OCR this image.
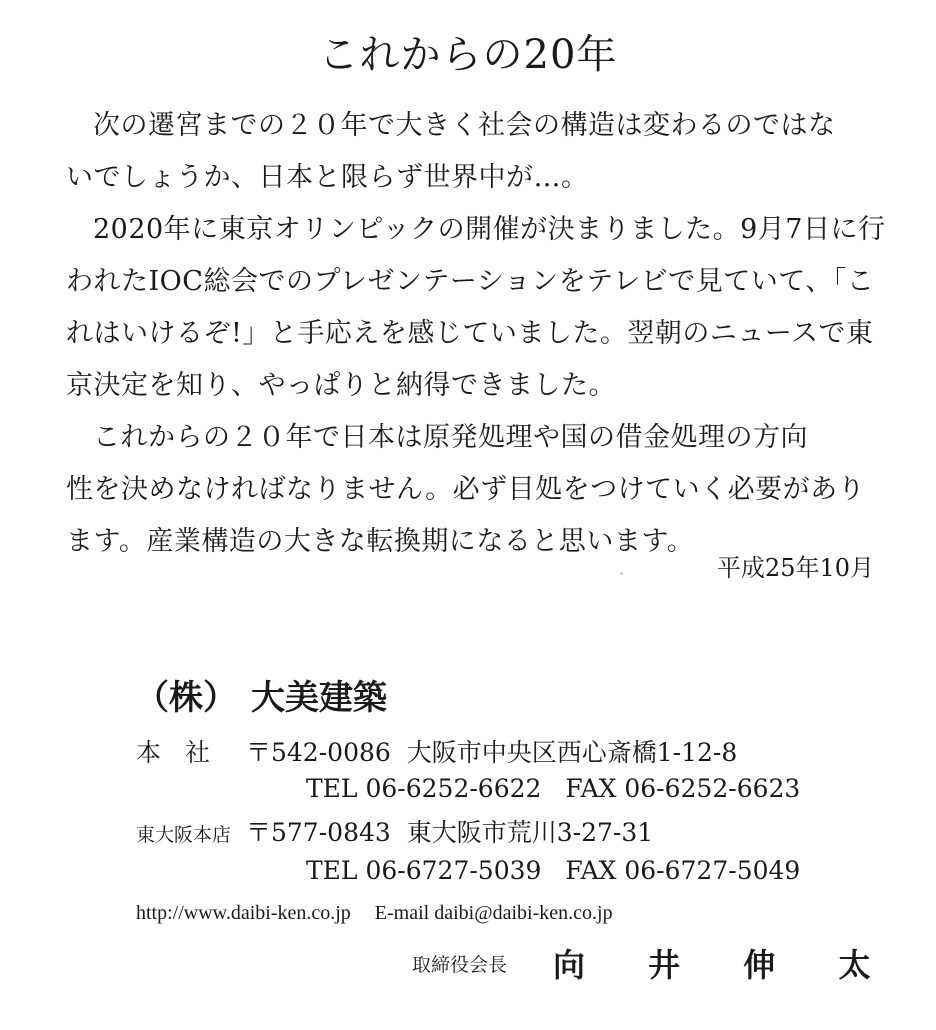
これからの20年
次の遷宮までの２０年で大きく社会の構造は変わるのではな
いでしょうか、日本と限らず世界中が…。
2020年に東京オリンピックの開催が決まりました。9月7日に行
われたIOC総会でのプレゼンテーションをテレビで見ていて、「こ
れはいけるぞ!」と手応えを感じていました。翌朝のニュースで東
京決定を知り、やっぱりと納得できました。
これからの２０年で日本は原発処理や国の借金処理の方向
性を決めなければなりません。必ず目処をつけていく必要があり
ます。産業構造の大きな転換期になると思います。
平成25年10月
（株） 大美建築
本 社 〒542-0086 大阪市中央区西心斎橋1-12-8
TEL 06-6252-6622 FAX 06-6252-6623
東大阪本店 〒577-0843 東大阪市荒川3-27-31
TEL 06-6727-5039 FAX 06-6727-5049
http://www.daibi-ken.co.jp E-mail daibi@daibi-ken.co.jp
取締役会長 向 井 伸 太
